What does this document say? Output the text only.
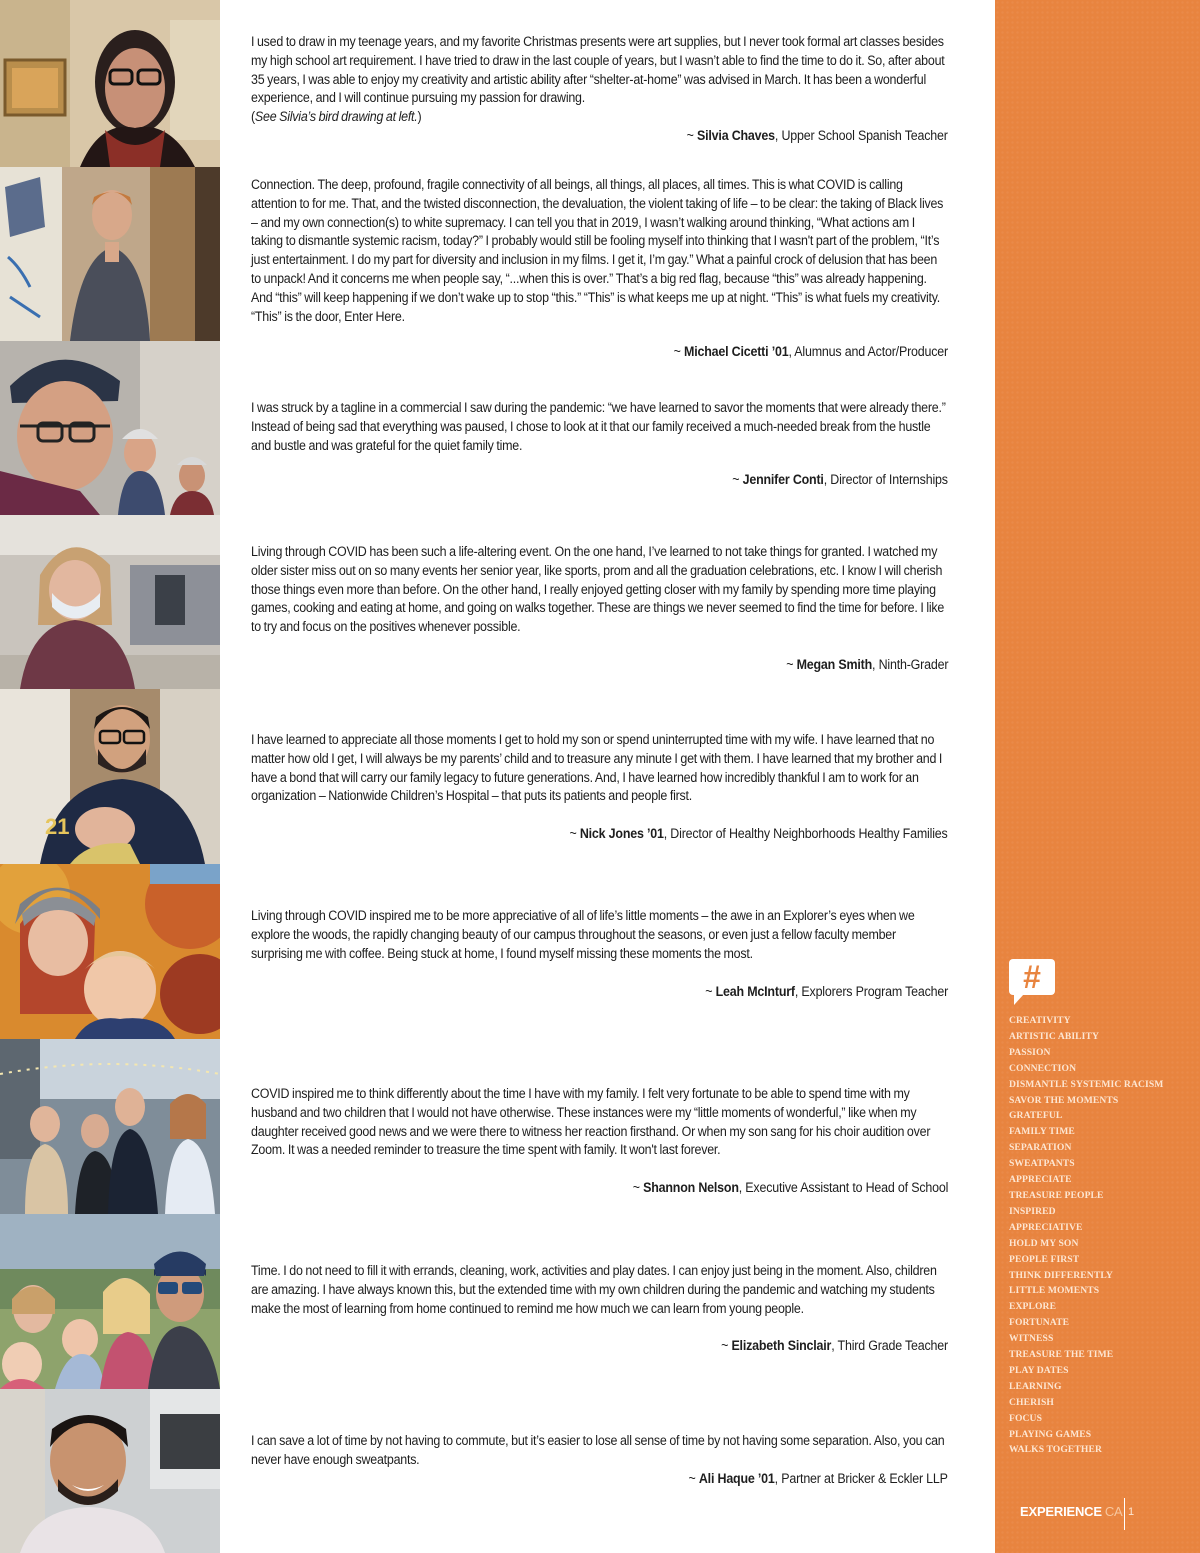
21

I used to draw in my teenage years, and my favorite Christmas presents were art supplies, but I never took formal art classes besides my high school art requirement. I have tried to draw in the last couple of years, but I wasn’t able to find the time to do it. So, after about 35 years, I was able to enjoy my creativity and artistic ability after “shelter-at-home” was advised in March. It has been a wonderful experience, and I will continue pursuing my passion for drawing.
(See Silvia’s bird drawing at left.)

~ Silvia Chaves, Upper School Spanish Teacher

Connection. The deep, profound, fragile connectivity of all beings, all things, all places, all times. This is what COVID is calling attention to for me. That, and the twisted disconnection, the devaluation, the violent taking of life – to be clear: the taking of Black lives – and my own connection(s) to white supremacy. I can tell you that in 2019, I wasn’t walking around thinking, “What actions am I taking to dismantle systemic racism, today?” I probably would still be fooling myself into thinking that I wasn't part of the problem, “It’s just entertainment. I do my part for diversity and inclusion in my films. I get it, I’m gay.” What a painful crock of delusion that has been to unpack! And it concerns me when people say, “...when this is over.” That’s a big red flag, because “this” was already happening. And “this” will keep happening if we don’t wake up to stop “this.” “This” is what keeps me up at night. “This” is what fuels my creativity. “This” is the door, Enter Here.

~ Michael Cicetti ’01, Alumnus and Actor/Producer

I was struck by a tagline in a commercial I saw during the pandemic: “we have learned to savor the moments that were already there.” Instead of being sad that everything was paused, I chose to look at it that our family received a much-needed break from the hustle and bustle and was grateful for the quiet family time.

~ Jennifer Conti, Director of Internships

Living through COVID has been such a life-altering event. On the one hand, I’ve learned to not take things for granted. I watched my older sister miss out on so many events her senior year, like sports, prom and all the graduation celebrations, etc. I know I will cherish those things even more than before. On the other hand, I really enjoyed getting closer with my family by spending more time playing games, cooking and eating at home, and going on walks together. These are things we never seemed to find the time for before. I like to try and focus on the positives whenever possible.

~ Megan Smith, Ninth-Grader

I have learned to appreciate all those moments I get to hold my son or spend uninterrupted time with my wife. I have learned that no matter how old I get, I will always be my parents’ child and to treasure any minute I get with them. I have learned that my brother and I have a bond that will carry our family legacy to future generations. And, I have learned how incredibly thankful I am to work for an organization – Nationwide Children’s Hospital – that puts its patients and people first.

~ Nick Jones ’01, Director of Healthy Neighborhoods Healthy Families

Living through COVID inspired me to be more appreciative of all of life’s little moments – the awe in an Explorer’s eyes when we explore the woods, the rapidly changing beauty of our campus throughout the seasons, or even just a fellow faculty member surprising me with coffee. Being stuck at home, I found myself missing these moments the most.

~ Leah McInturf, Explorers Program Teacher

COVID inspired me to think differently about the time I have with my family. I felt very fortunate to be able to spend time with my husband and two children that I would not have otherwise. These instances were my “little moments of wonderful,” like when my daughter received good news and we were there to witness her reaction firsthand. Or when my son sang for his choir audition over Zoom. It was a needed reminder to treasure the time spent with family. It won't last forever.

~ Shannon Nelson, Executive Assistant to Head of School

Time. I do not need to fill it with errands, cleaning, work, activities and play dates. I can enjoy just being in the moment. Also, children are amazing. I have always known this, but the extended time with my own children during the pandemic and watching my students make the most of learning from home continued to remind me how much we can learn from young people.

~ Elizabeth Sinclair, Third Grade Teacher

I can save a lot of time by not having to commute, but it’s easier to lose all sense of time by not having some separation. Also, you can never have enough sweatpants.

~ Ali Haque ’01, Partner at Bricker & Eckler LLP
#
CREATIVITY
ARTISTIC ABILITY
PASSION
CONNECTION
DISMANTLE SYSTEMIC RACISM
SAVOR THE MOMENTS
GRATEFUL
FAMILY TIME
SEPARATION
SWEATPANTS
APPRECIATE
TREASURE PEOPLE
INSPIRED
APPRECIATIVE
HOLD MY SON
PEOPLE FIRST
THINK DIFFERENTLY
LITTLE MOMENTS
EXPLORE
FORTUNATE
WITNESS
TREASURE THE TIME
PLAY DATES
LEARNING
CHERISH
FOCUS
PLAYING GAMES
WALKS TOGETHER
EXPERIENCE CA 1
